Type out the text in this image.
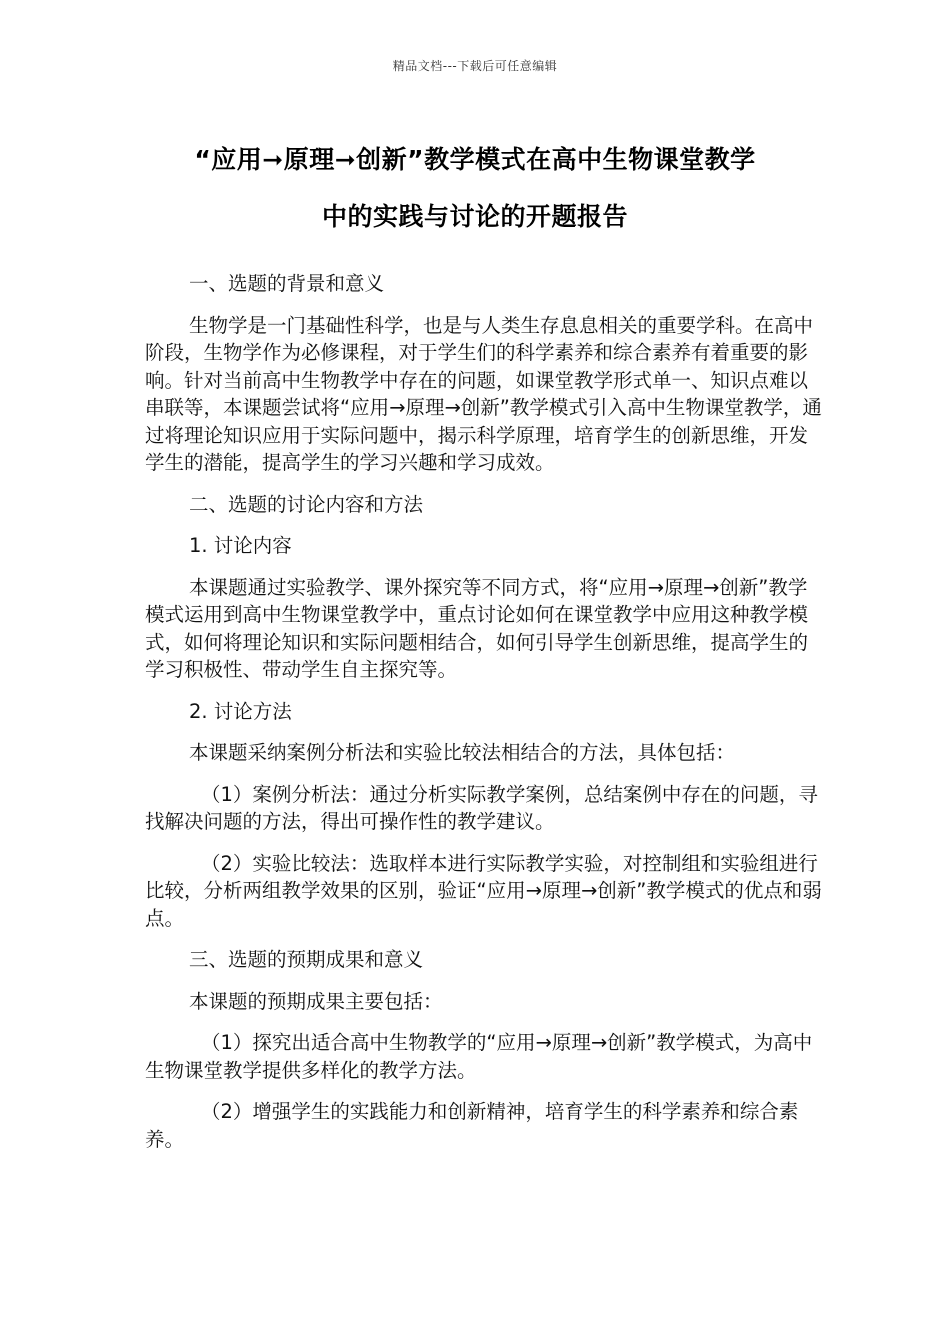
精品文档---下载后可任意编辑
“应用➞原理➞创新”教学模式在高中生物课堂教学
中的实践与讨论的开题报告

一、选题的背景和意义

生物学是一门基础性科学，也是与人类生存息息相关的重要学科。在高中阶段，生物学作为必修课程，对于学生们的科学素养和综合素养有着重要的影响。针对当前高中生物教学中存在的问题，如课堂教学形式单一、知识点难以串联等，本课题尝试将“应用→原理→创新”教学模式引入高中生物课堂教学，通过将理论知识应用于实际问题中，揭示科学原理，培育学生的创新思维，开发学生的潜能，提高学生的学习兴趣和学习成效。

二、选题的讨论内容和方法

1. 讨论内容

本课题通过实验教学、课外探究等不同方式，将“应用→原理→创新”教学模式运用到高中生物课堂教学中，重点讨论如何在课堂教学中应用这种教学模式，如何将理论知识和实际问题相结合，如何引导学生创新思维，提高学生的学习积极性、带动学生自主探究等。

2. 讨论方法

本课题采纳案例分析法和实验比较法相结合的方法，具体包括：

（1）案例分析法：通过分析实际教学案例，总结案例中存在的问题，寻找解决问题的方法，得出可操作性的教学建议。

（2）实验比较法：选取样本进行实际教学实验，对控制组和实验组进行比较，分析两组教学效果的区别，验证“应用→原理→创新”教学模式的优点和弱点。

三、选题的预期成果和意义

本课题的预期成果主要包括：

（1）探究出适合高中生物教学的“应用→原理→创新”教学模式，为高中生物课堂教学提供多样化的教学方法。

（2）增强学生的实践能力和创新精神，培育学生的科学素养和综合素养。
